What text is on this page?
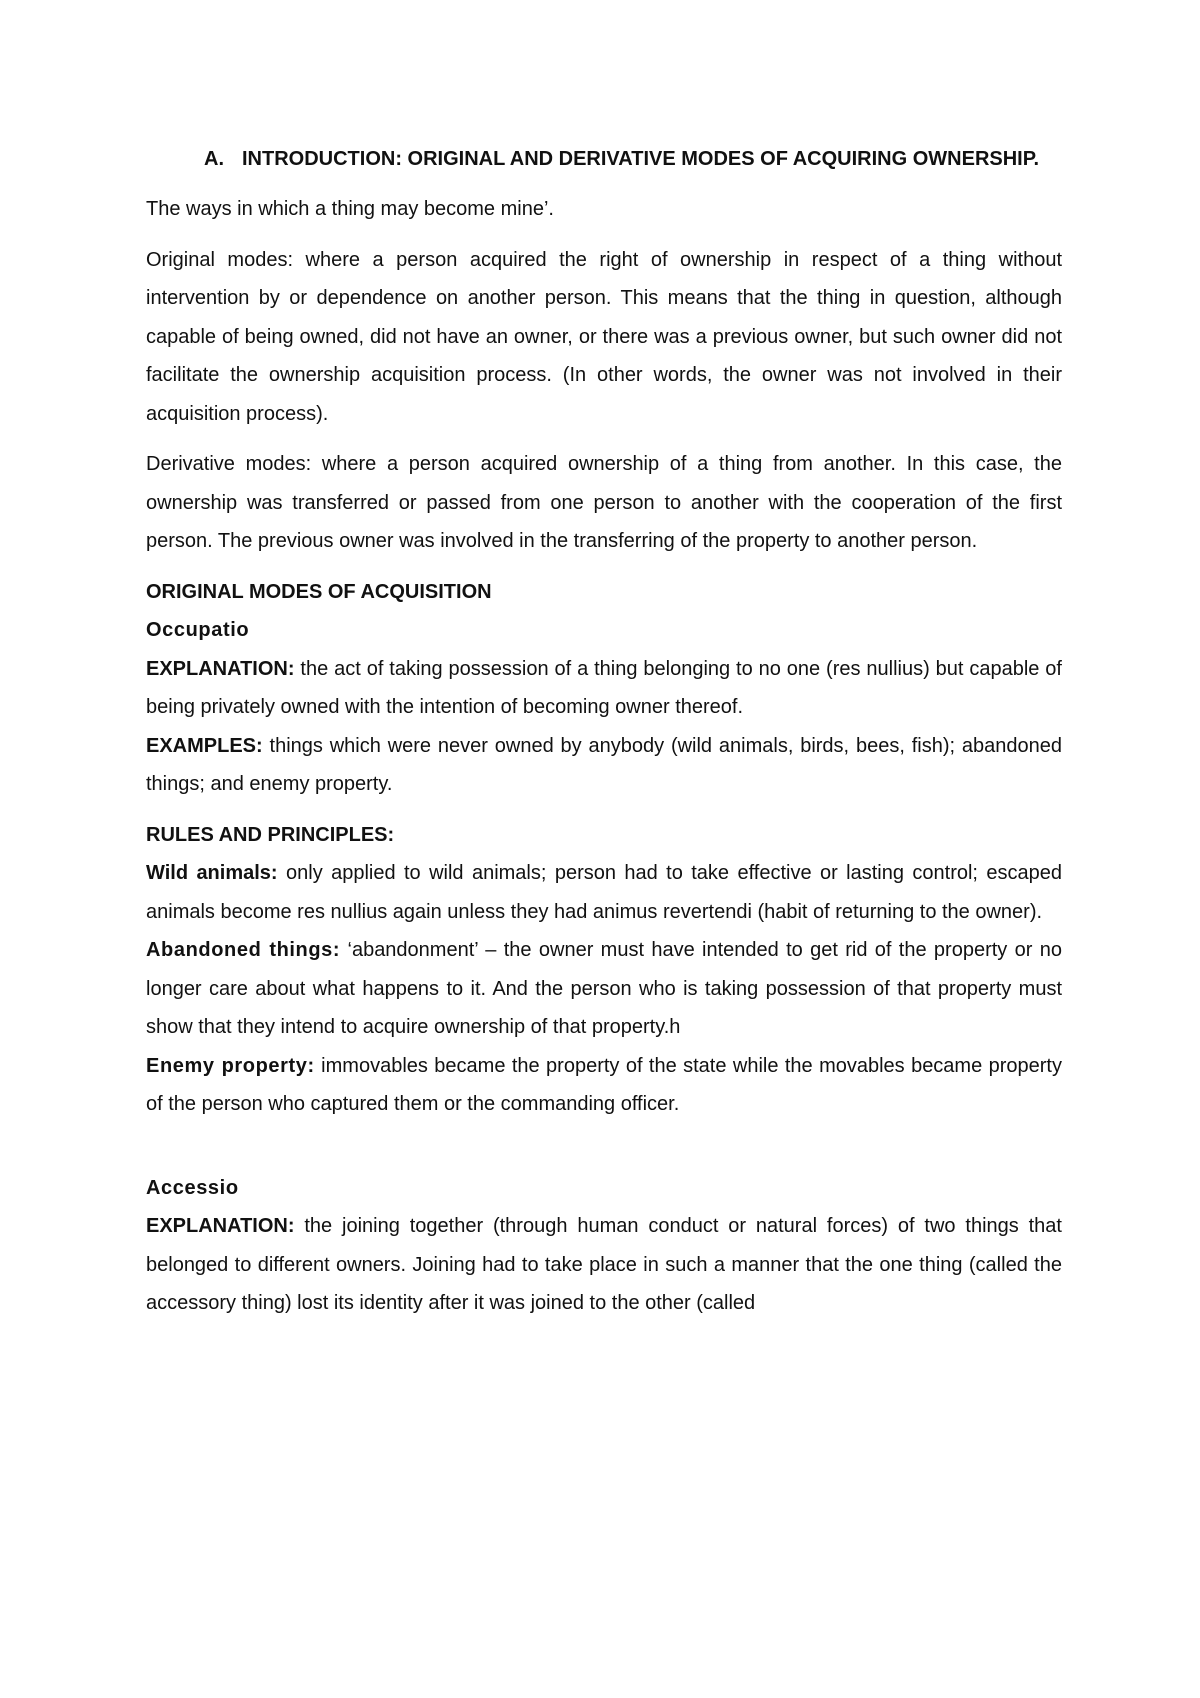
A. INTRODUCTION: ORIGINAL AND DERIVATIVE MODES OF ACQUIRING OWNERSHIP.

The ways in which a thing may become mine’.

Original modes: where a person acquired the right of ownership in respect of a thing without intervention by or dependence on another person. This means that the thing in question, although capable of being owned, did not have an owner, or there was a previous owner, but such owner did not facilitate the ownership acquisition process. (In other words, the owner was not involved in their acquisition process).

Derivative modes: where a person acquired ownership of a thing from another. In this case, the ownership was transferred or passed from one person to another with the cooperation of the first person. The previous owner was involved in the transferring of the property to another person.

ORIGINAL MODES OF ACQUISITION

Occupatio

EXPLANATION: the act of taking possession of a thing belonging to no one (res nullius) but capable of being privately owned with the intention of becoming owner thereof.

EXAMPLES: things which were never owned by anybody (wild animals, birds, bees, fish); abandoned things; and enemy property.

RULES AND PRINCIPLES:

Wild animals: only applied to wild animals; person had to take effective or lasting control; escaped animals become res nullius again unless they had animus revertendi (habit of returning to the owner).

Abandoned things: ‘abandonment’ – the owner must have intended to get rid of the property or no longer care about what happens to it. And the person who is taking possession of that property must show that they intend to acquire ownership of that property.h

Enemy property: immovables became the property of the state while the movables became property of the person who captured them or the commanding officer.

Accessio

EXPLANATION: the joining together (through human conduct or natural forces) of two things that belonged to different owners. Joining had to take place in such a manner that the one thing (called the accessory thing) lost its identity after it was joined to the other (called
